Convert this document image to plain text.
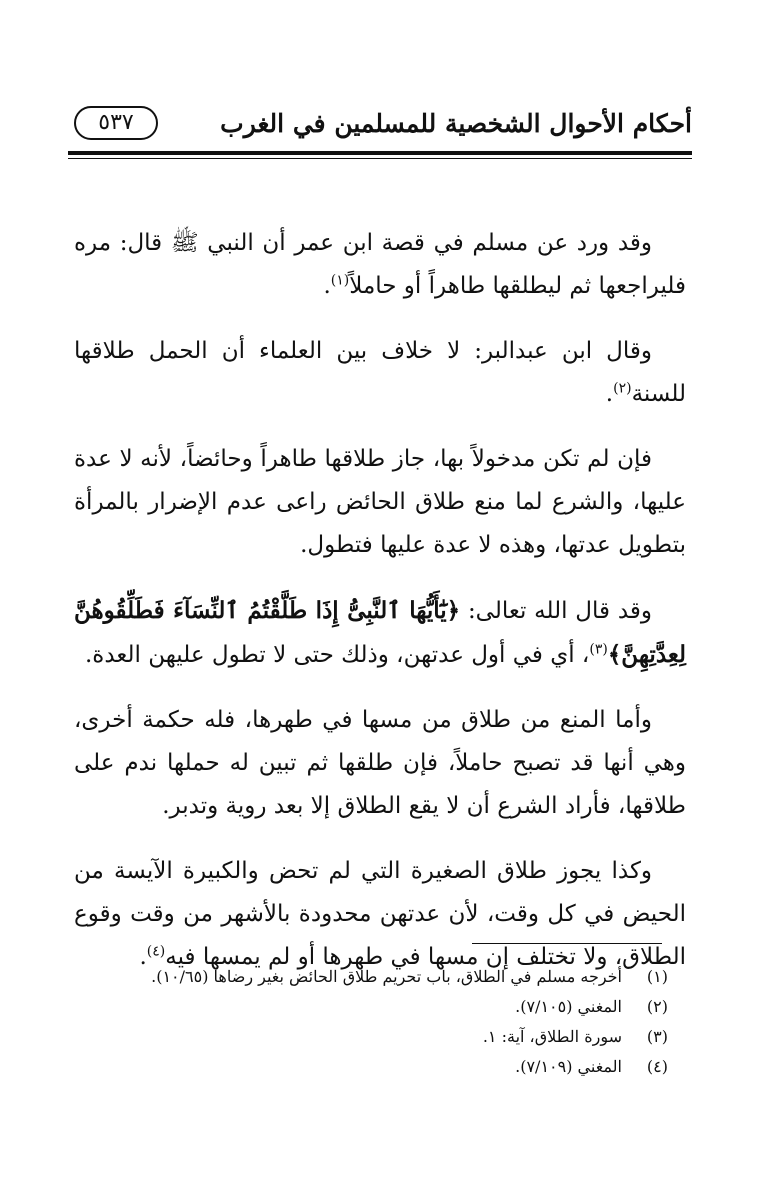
أحكام الأحوال الشخصية للمسلمين في الغرب
٥٣٧

وقد ورد عن مسلم في قصة ابن عمر أن النبي ﷺ قال: مره فليراجعها ثم ليطلقها طاهراً أو حاملاً$^{(١)}$.

وقال ابن عبدالبر: لا خلاف بين العلماء أن الحمل طلاقها للسنة$^{(٢)}$.

فإن لم تكن مدخولاً بها، جاز طلاقها طاهراً وحائضاً، لأنه لا عدة عليها، والشرع لما منع طلاق الحائض راعى عدم الإضرار بالمرأة بتطويل عدتها، وهذه لا عدة عليها فتطول.

وقد قال الله تعالى: ﴿يَٰٓأَيُّهَا ٱلنَّبِىُّ إِذَا طَلَّقْتُمُ ٱلنِّسَآءَ فَطَلِّقُوهُنَّ لِعِدَّتِهِنَّ﴾$^{(٣)}$، أي في أول عدتهن، وذلك حتى لا تطول عليهن العدة.

وأما المنع من طلاق من مسها في طهرها، فله حكمة أخرى، وهي أنها قد تصبح حاملاً، فإن طلقها ثم تبين له حملها ندم على طلاقها، فأراد الشرع أن لا يقع الطلاق إلا بعد روية وتدبر.

وكذا يجوز طلاق الصغيرة التي لم تحض والكبيرة الآيسة من الحيض في كل وقت، لأن عدتهن محدودة بالأشهر من وقت وقوع الطلاق، ولا تختلف إن مسها في طهرها أو لم يمسها فيه$^{(٤)}$.

(١)
أخرجه مسلم في الطلاق، باب تحريم طلاق الحائض بغير رضاها (١٠/٦٥).
(٢)
المغني (٧/١٠٥).
(٣)
سورة الطلاق، آية: ١.
(٤)
المغني (٧/١٠٩).
